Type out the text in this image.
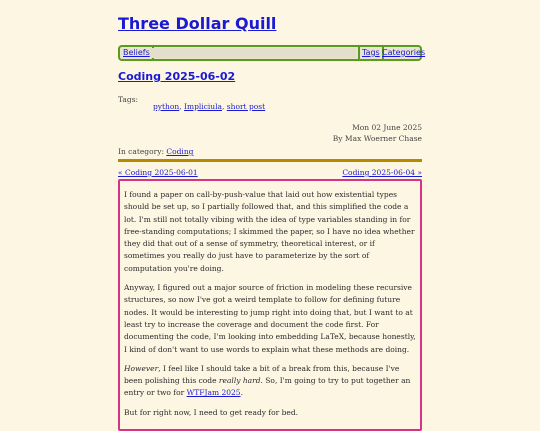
Three Dollar Quill
Beliefs	Tags Categories
Coding 2025-06-02
Tags:
python, Impliciula, short post
Mon 02 June 2025
By Max Woerner Chase
In category: Coding
« Coding 2025-06-01	Coding 2025-06-04 »

I found a paper on call-by-push-value that laid out how existential types should be set up, so I partially followed that, and this simplified the code a lot. I'm still not totally vibing with the idea of type variables standing in for free-standing computations; I skimmed the paper, so I have no idea whether they did that out of a sense of symmetry, theoretical interest, or if sometimes you really do just have to parameterize by the sort of computation you're doing.

Anyway, I figured out a major source of friction in modeling these recursive structures, so now I've got a weird template to follow for defining future nodes. It would be interesting to jump right into doing that, but I want to at least try to increase the coverage and document the code first. For documenting the code, I'm looking into embedding LaTeX, because honestly, I kind of don't want to use words to explain what these methods are doing.

However, I feel like I should take a bit of a break from this, because I've been polishing this code really hard. So, I'm going to try to put together an entry or two for WTFJam 2025.

But for right now, I need to get ready for bed.
